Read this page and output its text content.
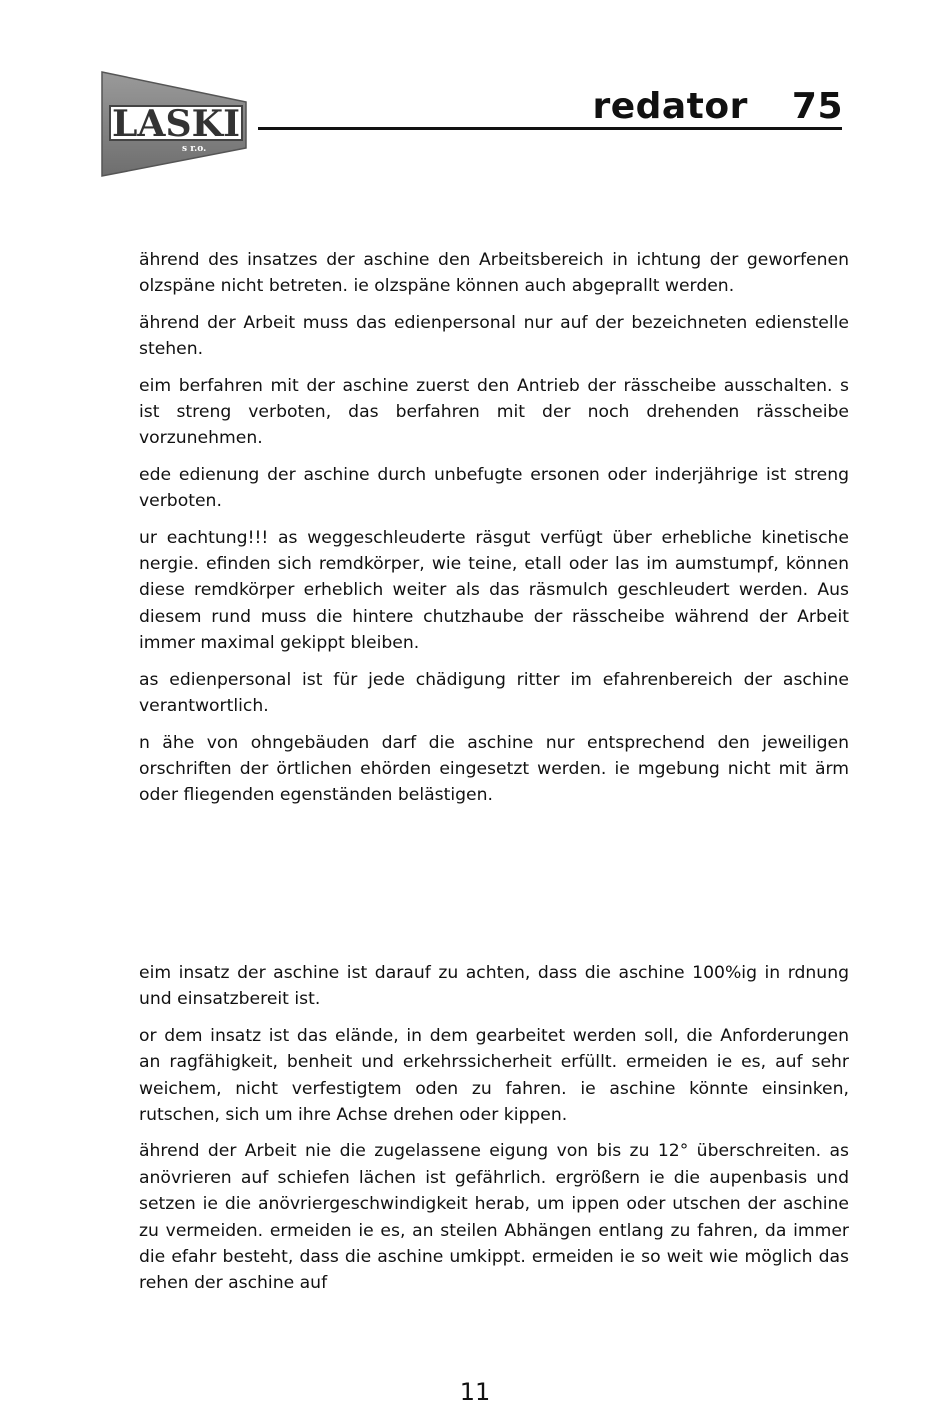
LASKI
s r.o.
redator 75

ährend des insatzes der aschine den Arbeitsbereich in ichtung der geworfenen olzspäne nicht betreten. ie olzspäne können auch abgeprallt werden.

ährend der Arbeit muss das edienpersonal nur auf der bezeichneten edienstelle stehen.

eim berfahren mit der aschine zuerst den Antrieb der rässcheibe ausschalten. s ist streng verboten, das berfahren mit der noch drehenden rässcheibe vorzunehmen.

ede edienung der aschine durch unbefugte ersonen oder inderjährige ist streng verboten.

ur eachtung!!! as weggeschleuderte räsgut verfügt über erhebliche kinetische nergie. efinden sich remdkörper, wie teine, etall oder las im aumstumpf, können diese remdkörper erheblich weiter als das räsmulch geschleudert werden. Aus diesem rund muss die hintere chutzhaube der rässcheibe während der Arbeit immer maximal gekippt bleiben.

as edienpersonal ist für jede chädigung ritter im efahrenbereich der aschine verantwortlich.

n ähe von ohngebäuden darf die aschine nur entsprechend den jeweiligen orschriften der örtlichen ehörden eingesetzt werden. ie mgebung nicht mit ärm oder fliegenden egenständen belästigen.

eim insatz der aschine ist darauf zu achten, dass die aschine 100%ig in rdnung und einsatzbereit ist.

or dem insatz ist das elände, in dem gearbeitet werden soll, die Anforderungen an ragfähigkeit, benheit und erkehrssicherheit erfüllt. ermeiden ie es, auf sehr weichem, nicht verfestigtem oden zu fahren. ie aschine könnte einsinken, rutschen, sich um ihre Achse drehen oder kippen.

ährend der Arbeit nie die zugelassene eigung von bis zu 12° überschreiten. as anövrieren auf schiefen lächen ist gefährlich. ergrößern ie die aupenbasis und setzen ie die anövriergeschwindigkeit herab, um ippen oder utschen der aschine zu vermeiden. ermeiden ie es, an steilen Abhängen entlang zu fahren, da immer die efahr besteht, dass die aschine umkippt. ermeiden ie so weit wie möglich das rehen der aschine auf

11
